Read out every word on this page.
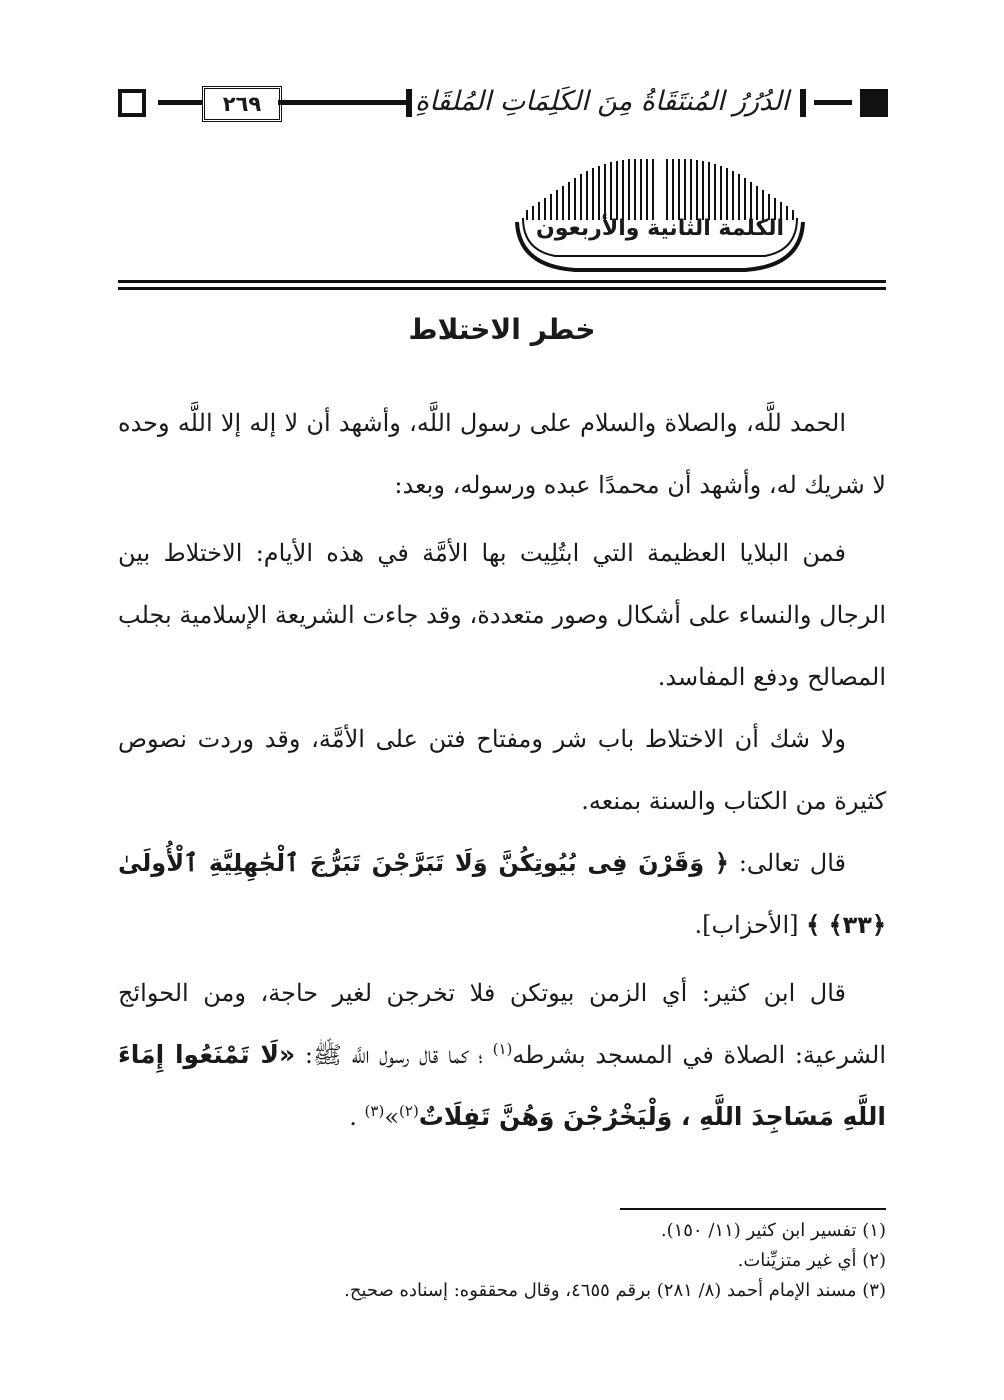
الدُرُرُ المُنتَقَاةُ مِنَ الكَلِمَاتِ المُلقَاةِ
٢٦٩
الكلمة الثانية والأربعون
خطر الاختلاط

الحمد للَّه، والصلاة والسلام على رسول اللَّه، وأشهد أن لا إله إلا اللَّه وحده لا شريك له، وأشهد أن محمدًا عبده ورسوله، وبعد:

فمن البلايا العظيمة التي ابتُلِيت بها الأمَّة في هذه الأيام: الاختلاط بين الرجال والنساء على أشكال وصور متعددة، وقد جاءت الشريعة الإسلامية بجلب المصالح ودفع المفاسد.

ولا شك أن الاختلاط باب شر ومفتاح فتن على الأمَّة، وقد وردت نصوص كثيرة من الكتاب والسنة بمنعه.

قال تعالى: ﴿ وَقَرْنَ فِى بُيُوتِكُنَّ وَلَا تَبَرَّجْنَ تَبَرُّجَ ٱلْجَٰهِلِيَّةِ ٱلْأُولَىٰ ﴿٣٣﴾ ﴾ [الأحزاب].

قال ابن كثير: أي الزمن بيوتكن فلا تخرجن لغير حاجة، ومن الحوائج الشرعية: الصلاة في المسجد بشرطه$^{(١)}$ ؛ كما قال رسول اللَّه ﷺ: «لَا تَمْنَعُوا إِمَاءَ اللَّهِ مَسَاجِدَ اللَّهِ ، وَلْيَخْرُجْنَ وَهُنَّ تَفِلَاتٌ$^{(٢)}$»$^{(٣)}$ .

(١) تفسير ابن كثير (١١/ ١٥٠).
(٢) أي غير متزيِّنات.
(٣) مسند الإمام أحمد (٨/ ٢٨١) برقم ٤٦٥٥، وقال محققوه: إسناده صحيح.
